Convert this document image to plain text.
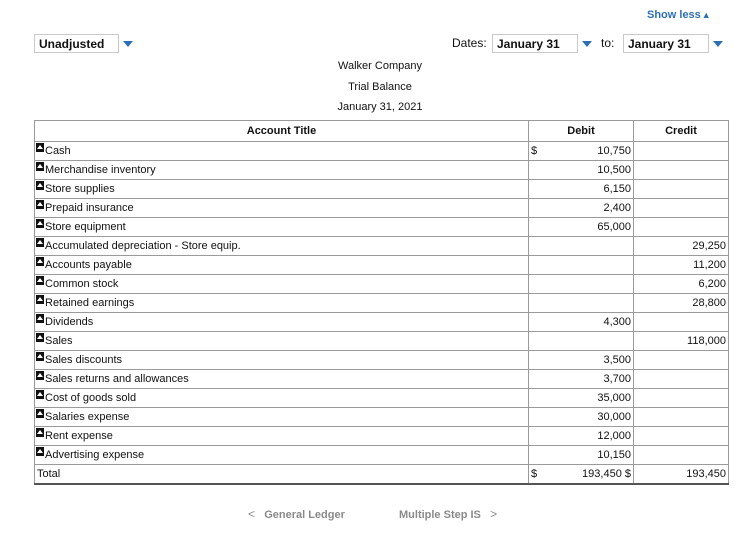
Show less▲
Unadjusted	Dates: January 31	to:	January 31
Walker Company
Trial Balance
January 31, 2021
Account Title	Debit	Credit

Cash	$ 10,750	

Merchandise inventory	10,500	

Store supplies	6,150	

Prepaid insurance	2,400	

Store equipment	65,000	

Accumulated depreciation - Store equip.		29,250

Accounts payable		11,200

Common stock		6,200

Retained earnings		28,800

Dividends	4,300	

Sales		118,000

Sales discounts	3,500	

Sales returns and allowances	3,700	

Cost of goods sold	35,000	

Salaries expense	30,000	

Rent expense	12,000	

Advertising expense	10,150	
Total	$ 193,450 $	193,450
< General Ledger	Multiple Step IS >
